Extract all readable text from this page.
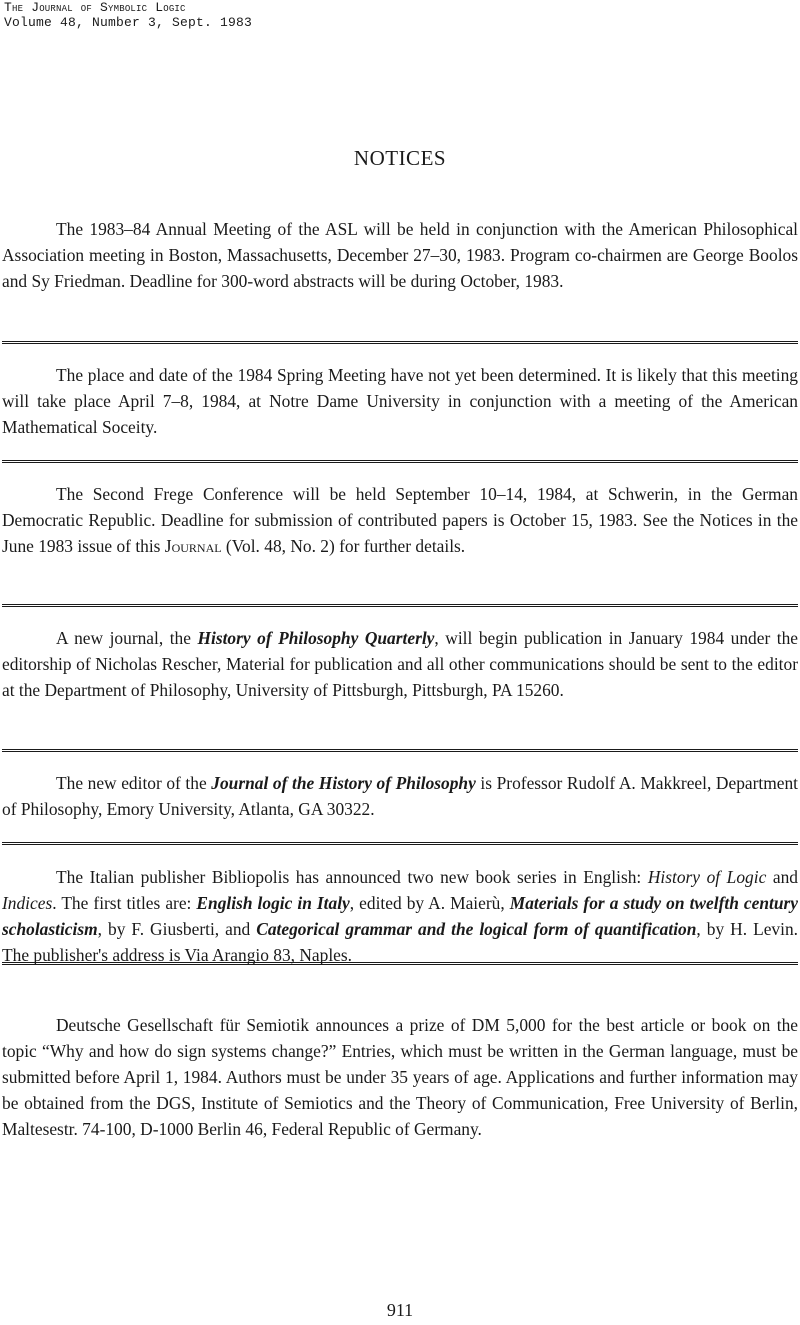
The Journal of Symbolic Logic
Volume 48, Number 3, Sept. 1983
NOTICES

The 1983–84 Annual Meeting of the ASL will be held in conjunction with the American Philosophical Association meeting in Boston, Massachusetts, December 27–30, 1983. Program co-chairmen are George Boolos and Sy Friedman. Deadline for 300-word abstracts will be during October, 1983.

The place and date of the 1984 Spring Meeting have not yet been determined. It is likely that this meeting will take place April 7–8, 1984, at Notre Dame University in conjunction with a meeting of the American Mathematical Soceity.

The Second Frege Conference will be held September 10–14, 1984, at Schwerin, in the German Democratic Republic. Deadline for submission of contributed papers is October 15, 1983. See the Notices in the June 1983 issue of this Journal (Vol. 48, No. 2) for further details.

A new journal, the History of Philosophy Quarterly, will begin publication in January 1984 under the editorship of Nicholas Rescher, Material for publication and all other communications should be sent to the editor at the Department of Philosophy, University of Pittsburgh, Pittsburgh, PA 15260.

The new editor of the Journal of the History of Philosophy is Professor Rudolf A. Makkreel, Department of Philosophy, Emory University, Atlanta, GA 30322.

The Italian publisher Bibliopolis has announced two new book series in English: History of Logic and Indices. The first titles are: English logic in Italy, edited by A. Maierù, Materials for a study on twelfth century scholasticism, by F. Giusberti, and Categorical grammar and the logical form of quantification, by H. Levin. The publisher's address is Via Arangio 83, Naples.

Deutsche Gesellschaft für Semiotik announces a prize of DM 5,000 for the best article or book on the topic “Why and how do sign systems change?” Entries, which must be written in the German language, must be submitted before April 1, 1984. Authors must be under 35 years of age. Applications and further information may be obtained from the DGS, Institute of Semiotics and the Theory of Communication, Free University of Berlin, Maltesestr. 74-100, D-1000 Berlin 46, Federal Republic of Germany.

911
